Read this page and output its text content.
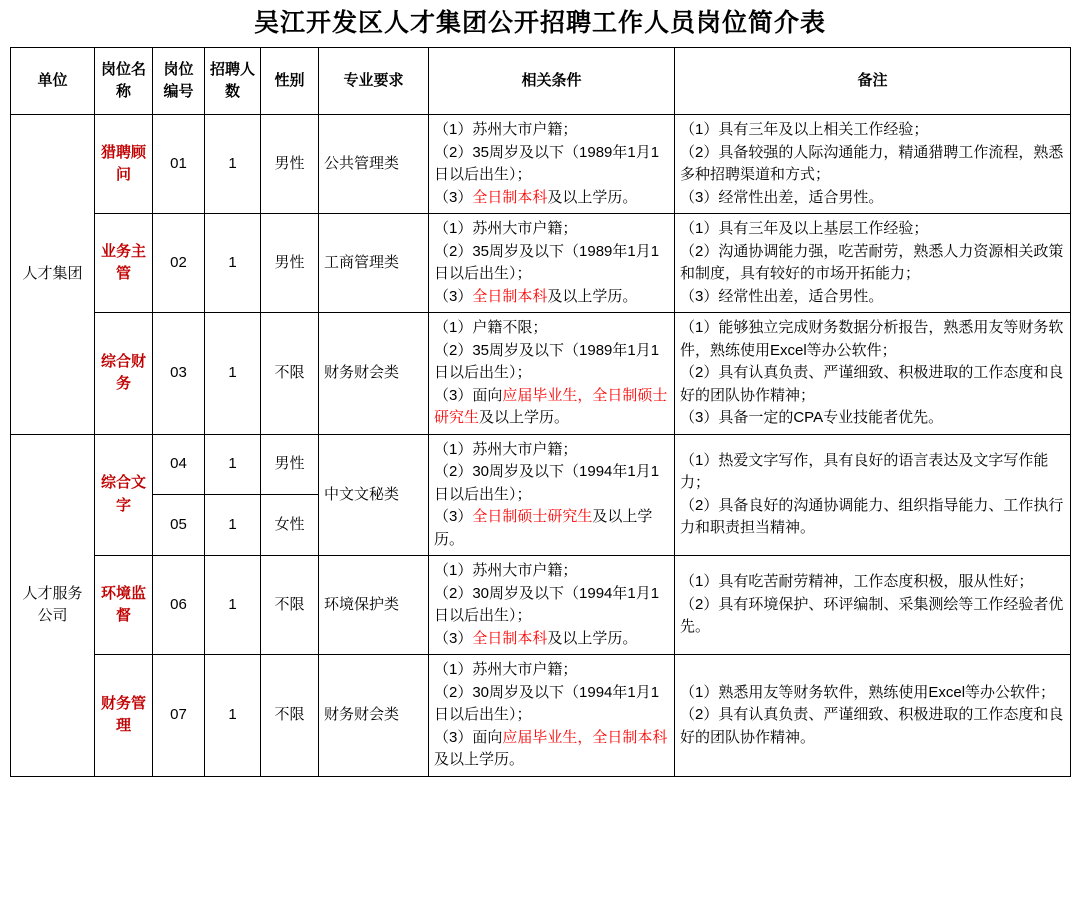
吴江开发区人才集团公开招聘工作人员岗位简介表
单位	岗位名称	岗位编号	招聘人数	性别	专业要求	相关条件	备注
人才集团	猎聘顾问	01	1	男性	公共管理类	（1）苏州大市户籍；
（2）35周岁及以下（1989年1月1日以后出生）；
（3）全日制本科及以上学历。	（1）具有三年及以上相关工作经验；
（2）具备较强的人际沟通能力，精通猎聘工作流程，熟悉多种招聘渠道和方式；
（3）经常性出差，适合男性。

	业务主管	02	1	男性	工商管理类	（1）苏州大市户籍；
（2）35周岁及以下（1989年1月1日以后出生）；
（3）全日制本科及以上学历。	（1）具有三年及以上基层工作经验；
（2）沟通协调能力强，吃苦耐劳，熟悉人力资源相关政策和制度，具有较好的市场开拓能力；
（3）经常性出差，适合男性。

	综合财务	03	1	不限	财务财会类	（1）户籍不限；
（2）35周岁及以下（1989年1月1日以后出生）；
（3）面向应届毕业生，全日制硕士研究生及以上学历。	（1）能够独立完成财务数据分析报告，熟悉用友等财务软件，熟练使用Excel等办公软件；
（2）具有认真负责、严谨细致、积极进取的工作态度和良好的团队协作精神；
（3）具备一定的CPA专业技能者优先。

人才服务公司	综合文字	04	1	男性	中文文秘类	（1）苏州大市户籍；
（2）30周岁及以下（1994年1月1日以后出生）；
（3）全日制硕士研究生及以上学历。	（1）热爱文字写作，具有良好的语言表达及文字写作能力；
（2）具备良好的沟通协调能力、组织指导能力、工作执行力和职责担当精神。

		05	1	女性			
	环境监督	06	1	不限	环境保护类	（1）苏州大市户籍；
（2）30周岁及以下（1994年1月1日以后出生）；
（3）全日制本科及以上学历。	（1）具有吃苦耐劳精神，工作态度积极，服从性好；
（2）具有环境保护、环评编制、采集测绘等工作经验者优先。

	财务管理	07	1	不限	财务财会类	（1）苏州大市户籍；
（2）30周岁及以下（1994年1月1日以后出生）；
（3）面向应届毕业生，全日制本科及以上学历。	（1）熟悉用友等财务软件，熟练使用Excel等办公软件；
（2）具有认真负责、严谨细致、积极进取的工作态度和良好的团队协作精神。
